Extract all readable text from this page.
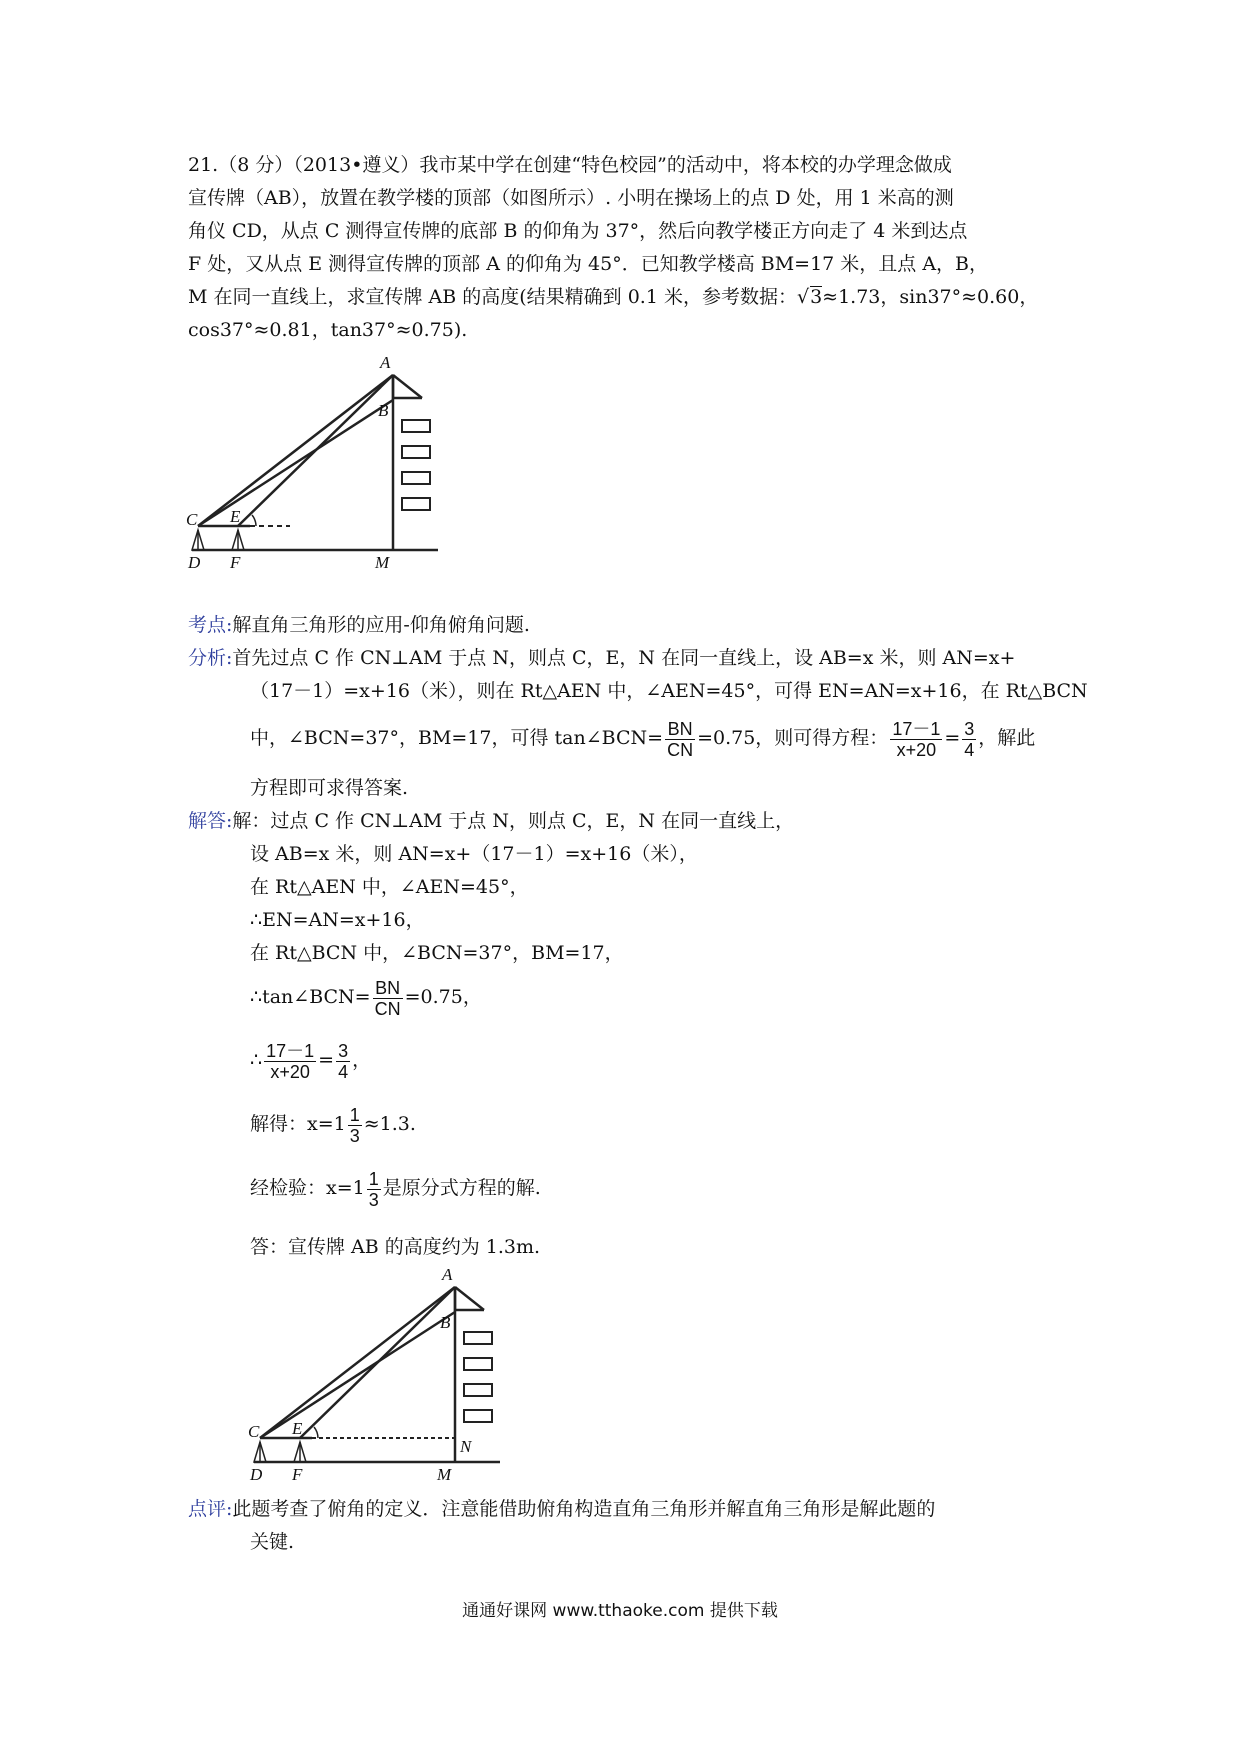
21.（8 分）（2013•遵义）我市某中学在创建“特色校园”的活动中，将本校的办学理念做成
宣传牌（AB），放置在教学楼的顶部（如图所示）. 小明在操场上的点 D 处，用 1 米高的测
角仪 CD，从点 C 测得宣传牌的底部 B 的仰角为 37°，然后向教学楼正方向走了 4 米到达点
F 处，又从点 E 测得宣传牌的顶部 A 的仰角为 45°．已知教学楼高 BM=17 米，且点 A，B，
M 在同一直线上，求宣传牌 AB 的高度(结果精确到 0.1 米，参考数据：√3≈1.73，sin37°≈0.60，
cos37°≈0.81，tan37°≈0.75).
A
B
C E
D F	M
考点:解直角三角形的应用-仰角俯角问题.
分析:首先过点 C 作 CN⊥AM 于点 N，则点 C，E，N 在同一直线上，设 AB=x 米，则 AN=x+
（17－1）=x+16（米），则在 Rt△AEN 中，∠AEN=45°，可得 EN=AN=x+16，在 Rt△BCN
中，∠BCN=37°，BM=17，可得 tan∠BCN= $\frac{BN}{CN} =0.75$，则可得方程： $\frac{17-1}{x+20} = \frac{3}{4}$ ，解此
方程即可求得答案.
解答:解：过点 C 作 CN⊥AM 于点 N，则点 C，E，N 在同一直线上，
设 AB=x 米，则 AN=x+（17－1）=x+16（米），
在 Rt△AEN 中，∠AEN=45°，
∴EN=AN=x+16，
在 Rt△BCN 中，∠BCN=37°，BM=17，
∴tan∠BCN= $\frac{BN}{CN} =0.75$，
∴ $\frac{17-1}{x+20} = \frac{3}{4}$ ，
解得：$x=1 \frac{1}{3} \approx 1.3$.
经检验：$x=1 \frac{1}{3}$ 是原分式方程的解.
答：宣传牌 AB 的高度约为 1.3m.
A
B
C E
N
D F	M
点评:此题考查了俯角的定义．注意能借助俯角构造直角三角形并解直角三角形是解此题的
关键.
通通好课网 www.tthaoke.com 提供下载
